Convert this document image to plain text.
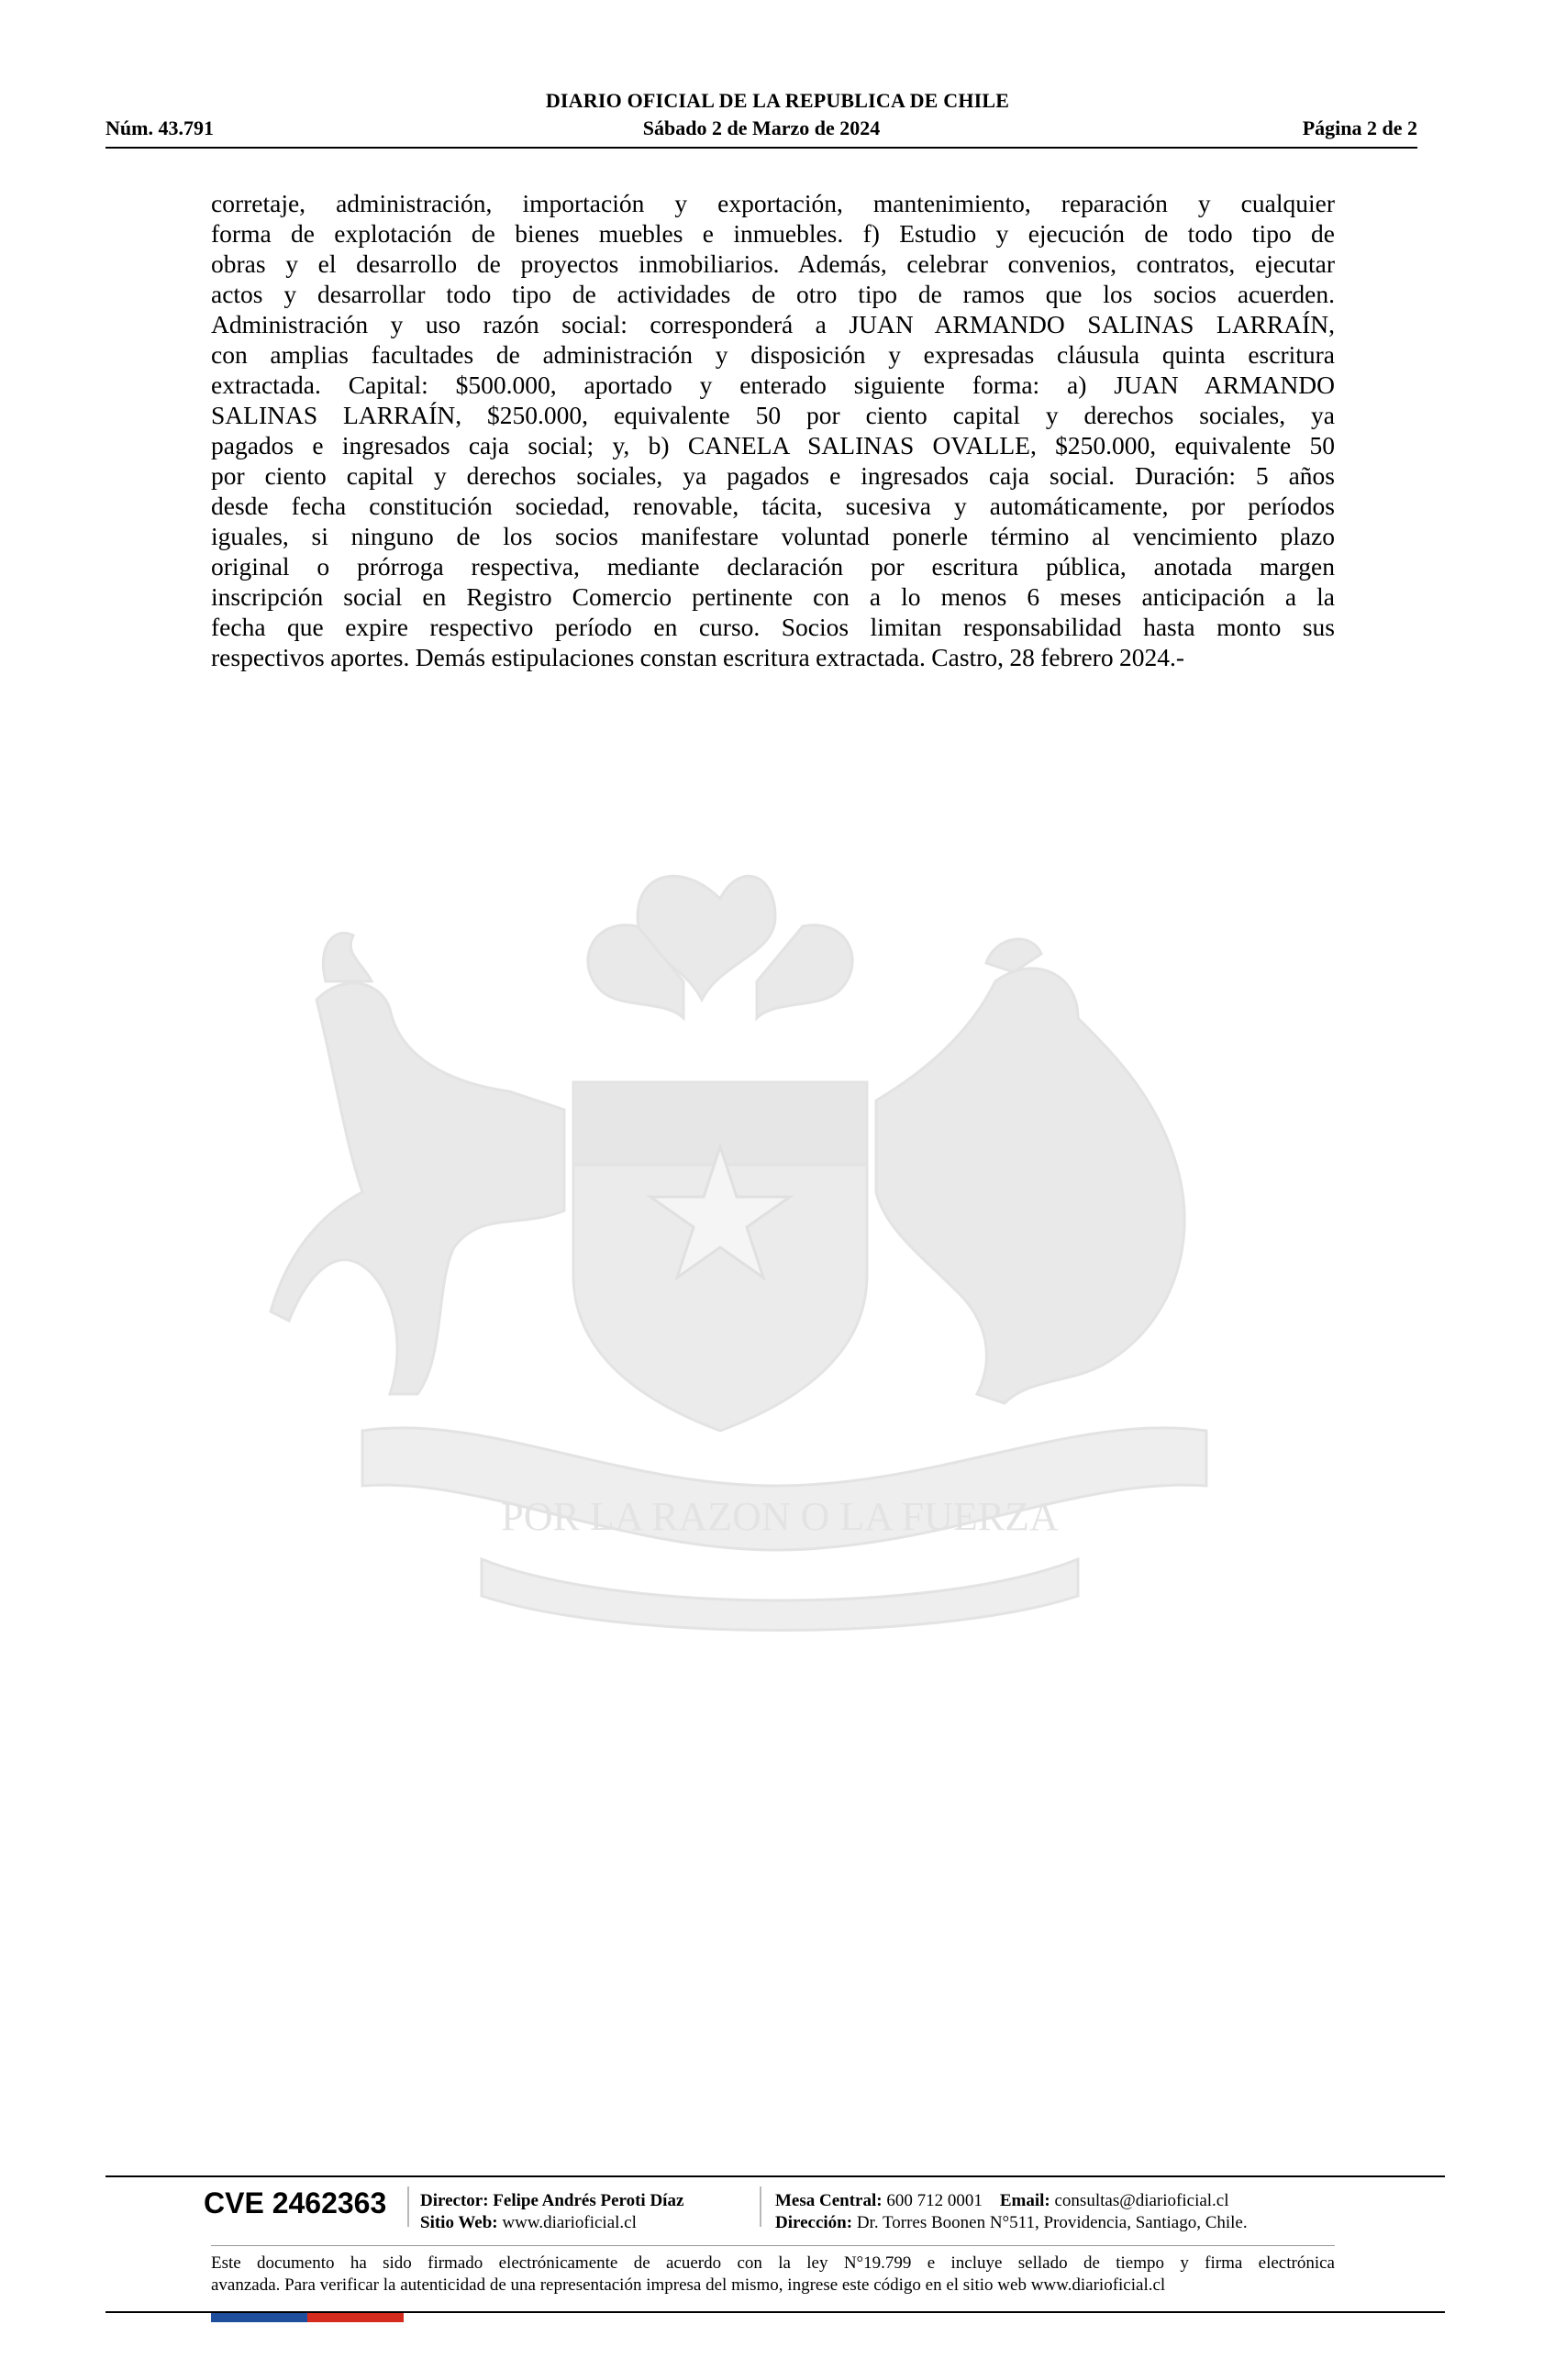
DIARIO OFICIAL DE LA REPUBLICA DE CHILE
Núm. 43.791	Sábado 2 de Marzo de 2024	Página 2 de 2
POR LA RAZON O LA FUERZA
corretaje, administración, importación y exportación, mantenimiento, reparación y cualquier
forma de explotación de bienes muebles e inmuebles. f) Estudio y ejecución de todo tipo de
obras y el desarrollo de proyectos inmobiliarios. Además, celebrar convenios, contratos, ejecutar
actos y desarrollar todo tipo de actividades de otro tipo de ramos que los socios acuerden.
Administración y uso razón social: corresponderá a JUAN ARMANDO SALINAS LARRAÍN,
con amplias facultades de administración y disposición y expresadas cláusula quinta escritura
extractada. Capital: $500.000, aportado y enterado siguiente forma: a) JUAN ARMANDO
SALINAS LARRAÍN, $250.000, equivalente 50 por ciento capital y derechos sociales, ya
pagados e ingresados caja social; y, b) CANELA SALINAS OVALLE, $250.000, equivalente 50
por ciento capital y derechos sociales, ya pagados e ingresados caja social. Duración: 5 años
desde fecha constitución sociedad, renovable, tácita, sucesiva y automáticamente, por períodos
iguales, si ninguno de los socios manifestare voluntad ponerle término al vencimiento plazo
original o prórroga respectiva, mediante declaración por escritura pública, anotada margen
inscripción social en Registro Comercio pertinente con a lo menos 6 meses anticipación a la
fecha que expire respectivo período en curso. Socios limitan responsabilidad hasta monto sus
respectivos aportes. Demás estipulaciones constan escritura extractada. Castro, 28 febrero 2024.-
CVE 2462363 Director: Felipe Andrés Peroti Díaz
Sitio Web: www.diarioficial.cl
Mesa Central: 600 712 0001 Email: consultas@diarioficial.cl
Dirección: Dr. Torres Boonen N°511, Providencia, Santiago, Chile.
Este documento ha sido firmado electrónicamente de acuerdo con la ley N°19.799 e incluye sellado de tiempo y firma electrónica
avanzada. Para verificar la autenticidad de una representación impresa del mismo, ingrese este código en el sitio web www.diarioficial.cl
